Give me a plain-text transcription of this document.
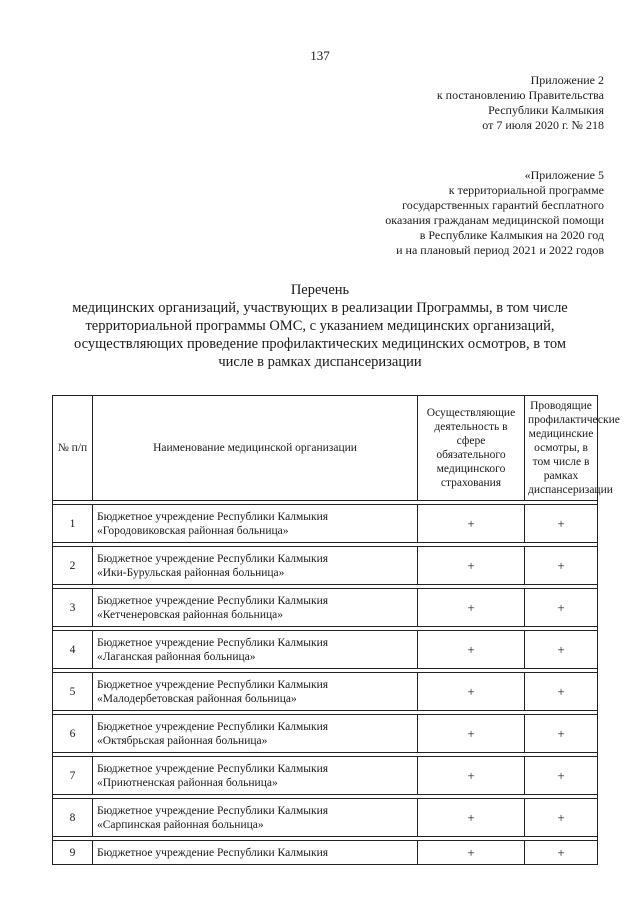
137
Приложение 2
к постановлению Правительства
Республики Калмыкия
от 7 июля 2020 г. № 218
«Приложение 5
к территориальной программе
государственных гарантий бесплатного
оказания гражданам медицинской помощи
в Республике Калмыкия на 2020 год
и на плановый период 2021 и 2022 годов
Перечень
медицинских организаций, участвующих в реализации Программы, в том числе
территориальной программы ОМС, с указанием медицинских организаций,
осуществляющих проведение профилактических медицинских осмотров, в том
числе в рамках диспансеризации
№ п/п	Наименование медицинской организации	Осуществляющие деятельность в сфере обязательного медицинского страхования	Проводящие профилактические медицинские осмотры, в том числе в рамках диспансеризации

1	Бюджетное учреждение Республики Калмыкия
«Городовиковская районная больница»	+	+

2	Бюджетное учреждение Республики Калмыкия
«Ики-Бурульская районная больница»	+	+

3	Бюджетное учреждение Республики Калмыкия
«Кетченеровская районная больница»	+	+

4	Бюджетное учреждение Республики Калмыкия
«Лаганская районная больница»	+	+

5	Бюджетное учреждение Республики Калмыкия
«Малодербетовская районная больница»	+	+

6	Бюджетное учреждение Республики Калмыкия
«Октябрьская районная больница»	+	+

7	Бюджетное учреждение Республики Калмыкия
«Приютненская районная больница»	+	+

8	Бюджетное учреждение Республики Калмыкия
«Сарпинская районная больница»	+	+

9	Бюджетное учреждение Республики Калмыкия	+	+
